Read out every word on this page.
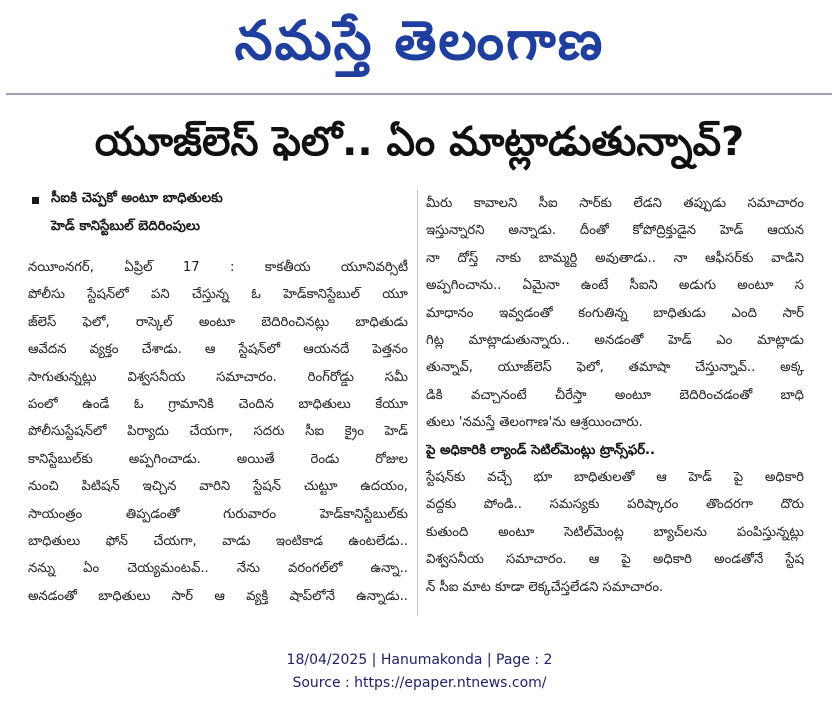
నమస్తే తెలంగాణ
యూజ్‌లెస్ ఫెలో.. ఏం మాట్లాడుతున్నావ్?
సీఐకి చెప్పకో అంటూ బాధితులకు
హెడ్ కానిస్టేబుల్ బెదిరింపులు
నయీంనగర్, ఏప్రిల్ 17 : కాకతీయ యూనివర్సిటీ
పోలీసు స్టేషన్‌లో పని చేస్తున్న ఓ హెడ్‌కానిస్టేబుల్ యూ
జ్‌లెస్ ఫెలో, రాస్కెల్ అంటూ బెదిరించినట్లు బాధితుడు
ఆవేదన వ్యక్తం చేశాడు. ఆ స్టేషన్‌లో ఆయనదే పెత్తనం
సాగుతున్నట్లు విశ్వసనీయ సమాచారం. రింగ్‌రోడ్డు సమీ
పంలో ఉండే ఓ గ్రామానికి చెందిన బాధితులు కేయూ
పోలీసుస్టేషన్‌లో పిర్యాదు చేయగా, సదరు సీఐ క్రైం హెడ్
కానిస్టేబుల్‌కు అప్పగించాడు. అయితే రెండు రోజుల
నుంచి పిటిషన్ ఇచ్చిన వారిని స్టేషన్ చుట్టూ ఉదయం,
సాయంత్రం తిప్పడంతో గురువారం హెడ్‌కానిస్టేబుల్‌కు
బాధితులు ఫోన్ చేయగా, వాడు ఇంటికాడ ఉంటలేడు..
నన్ను ఏం చెయ్యమంటవ్.. నేను వరంగల్‌లో ఉన్నా..
అనడంతో బాధితులు సార్ ఆ వ్యక్తి షాప్‌లోనే ఉన్నాడు..
మీరు కావాలని సీఐ సార్‌కు లేడని తప్పుడు సమాచారం
ఇస్తున్నారని అన్నాడు. దీంతో కోపోద్రిక్తుడైన హెడ్ ఆయన
నా దోస్త్ నాకు బామ్మర్ది అవుతాడు.. నా ఆఫీసర్‌కు వాడిని
అప్పగించాను.. ఏమైనా ఉంటే సీఐని అడుగు అంటూ స
మాధానం ఇవ్వడంతో కంగుతిన్న బాధితుడు ఎంది సార్
గిట్ల మాట్లాడుతున్నారు.. అనడంతో హెడ్ ఎం మాట్లాడు
తున్నావ్, యూజ్‌లెస్ ఫెలో, తమాషా చేస్తున్నావ్.. అక్క
డికి వచ్చానంటే చీరేస్తా అంటూ బెదిరించడంతో బాధి
తులు 'నమస్తే తెలంగాణ'ను ఆశ్రయించారు.
పై అధికారికి ల్యాండ్ సెటిల్‌మెంట్లు ట్రాన్స్‌ఫర్..
స్టేషన్‌కు వచ్చే భూ బాధితులతో ఆ హెడ్ పై అధికారి
వద్దకు పోండి.. సమస్యకు పరిష్కారం తొందరగా దొరు
కుతుంది అంటూ సెటిల్‌మెంట్ల బ్యాచ్‌లను పంపిస్తున్నట్లు
విశ్వసనీయ సమాచారం. ఆ పై అధికారి అండతోనే స్టేష
న్ సీఐ మాట కూడా లెక్కచేస్తలేడని సమాచారం.
18/04/2025 | Hanumakonda | Page : 2
Source : https://epaper.ntnews.com/
